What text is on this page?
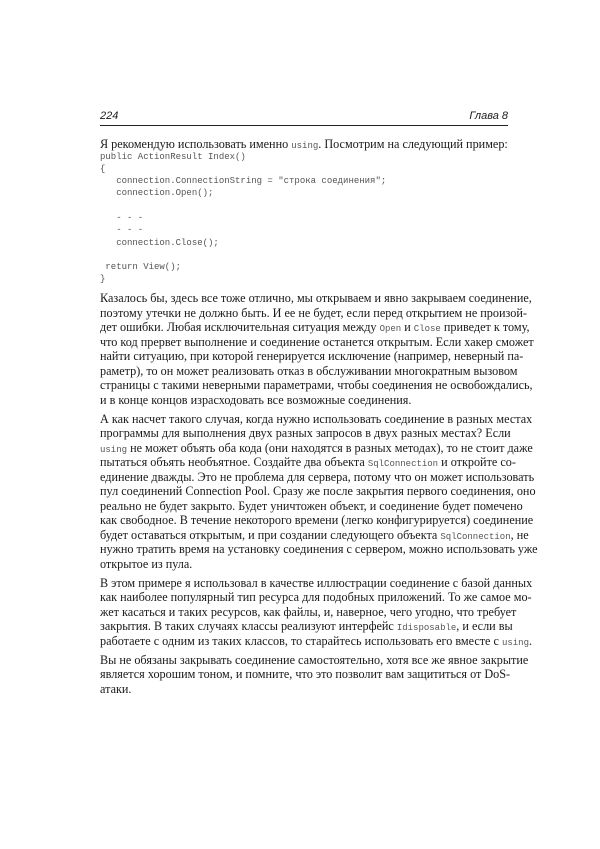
224	Глава 8
Я рекомендую использовать именно using. Посмотрим на следующий пример:
public ActionResult Index()
{
connection.ConnectionString = "строка соединения";
connection.Open();
- - -
- - -
connection.Close();
return View();
}
Казалось бы, здесь все тоже отлично, мы открываем и явно закрываем соединение,
поэтому утечки не должно быть. И ее не будет, если перед открытием не произой-
дет ошибки. Любая исключительная ситуация между Open и Close приведет к тому,
что код прервет выполнение и соединение останется открытым. Если хакер сможет
найти ситуацию, при которой генерируется исключение (например, неверный па-
раметр), то он может реализовать отказ в обслуживании многократным вызовом
страницы с такими неверными параметрами, чтобы соединения не освобождались,
и в конце концов израсходовать все возможные соединения.
А как насчет такого случая, когда нужно использовать соединение в разных местах
программы для выполнения двух разных запросов в двух разных местах? Если
using не может объять оба кода (они находятся в разных методах), то не стоит даже
пытаться объять необъятное. Создайте два объекта SqlConnection и откройте со-
единение дважды. Это не проблема для сервера, потому что он может использовать
пул соединений Connection Pool. Сразу же после закрытия первого соединения, оно
реально не будет закрыто. Будет уничтожен объект, и соединение будет помечено
как свободное. В течение некоторого времени (легко конфигурируется) соединение
будет оставаться открытым, и при создании следующего объекта SqlConnection, не
нужно тратить время на установку соединения с сервером, можно использовать уже
открытое из пула.
В этом примере я использовал в качестве иллюстрации соединение с базой данных
как наиболее популярный тип ресурса для подобных приложений. То же самое мо-
жет касаться и таких ресурсов, как файлы, и, наверное, чего угодно, что требует
закрытия. В таких случаях классы реализуют интерфейс Idisposable, и если вы
работаете с одним из таких классов, то старайтесь использовать его вместе с using.
Вы не обязаны закрывать соединение самостоятельно, хотя все же явное закрытие
является хорошим тоном, и помните, что это позволит вам защититься от DoS-
атаки.
